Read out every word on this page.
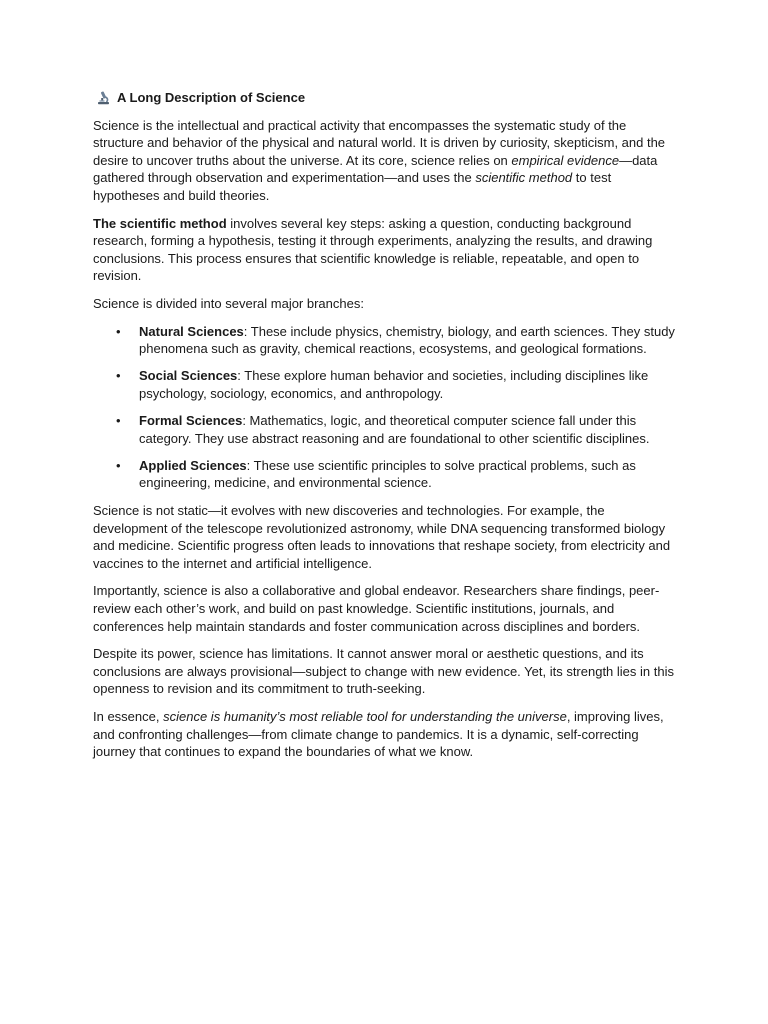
A Long Description of Science

Science is the intellectual and practical activity that encompasses the systematic study of the structure and behavior of the physical and natural world. It is driven by curiosity, skepticism, and the desire to uncover truths about the universe. At its core, science relies on empirical evidence—data gathered through observation and experimentation—and uses the scientific method to test hypotheses and build theories.

The scientific method involves several key steps: asking a question, conducting background research, forming a hypothesis, testing it through experiments, analyzing the results, and drawing conclusions. This process ensures that scientific knowledge is reliable, repeatable, and open to revision.

Science is divided into several major branches:

• Natural Sciences: These include physics, chemistry, biology, and earth sciences. They study phenomena such as gravity, chemical reactions, ecosystems, and geological formations.
• Social Sciences: These explore human behavior and societies, including disciplines like psychology, sociology, economics, and anthropology.
• Formal Sciences: Mathematics, logic, and theoretical computer science fall under this category. They use abstract reasoning and are foundational to other scientific disciplines.
• Applied Sciences: These use scientific principles to solve practical problems, such as engineering, medicine, and environmental science.

Science is not static—it evolves with new discoveries and technologies. For example, the development of the telescope revolutionized astronomy, while DNA sequencing transformed biology and medicine. Scientific progress often leads to innovations that reshape society, from electricity and vaccines to the internet and artificial intelligence.

Importantly, science is also a collaborative and global endeavor. Researchers share findings, peer-review each other’s work, and build on past knowledge. Scientific institutions, journals, and conferences help maintain standards and foster communication across disciplines and borders.

Despite its power, science has limitations. It cannot answer moral or aesthetic questions, and its conclusions are always provisional—subject to change with new evidence. Yet, its strength lies in this openness to revision and its commitment to truth-seeking.

In essence, science is humanity’s most reliable tool for understanding the universe, improving lives, and confronting challenges—from climate change to pandemics. It is a dynamic, self-correcting journey that continues to expand the boundaries of what we know.
